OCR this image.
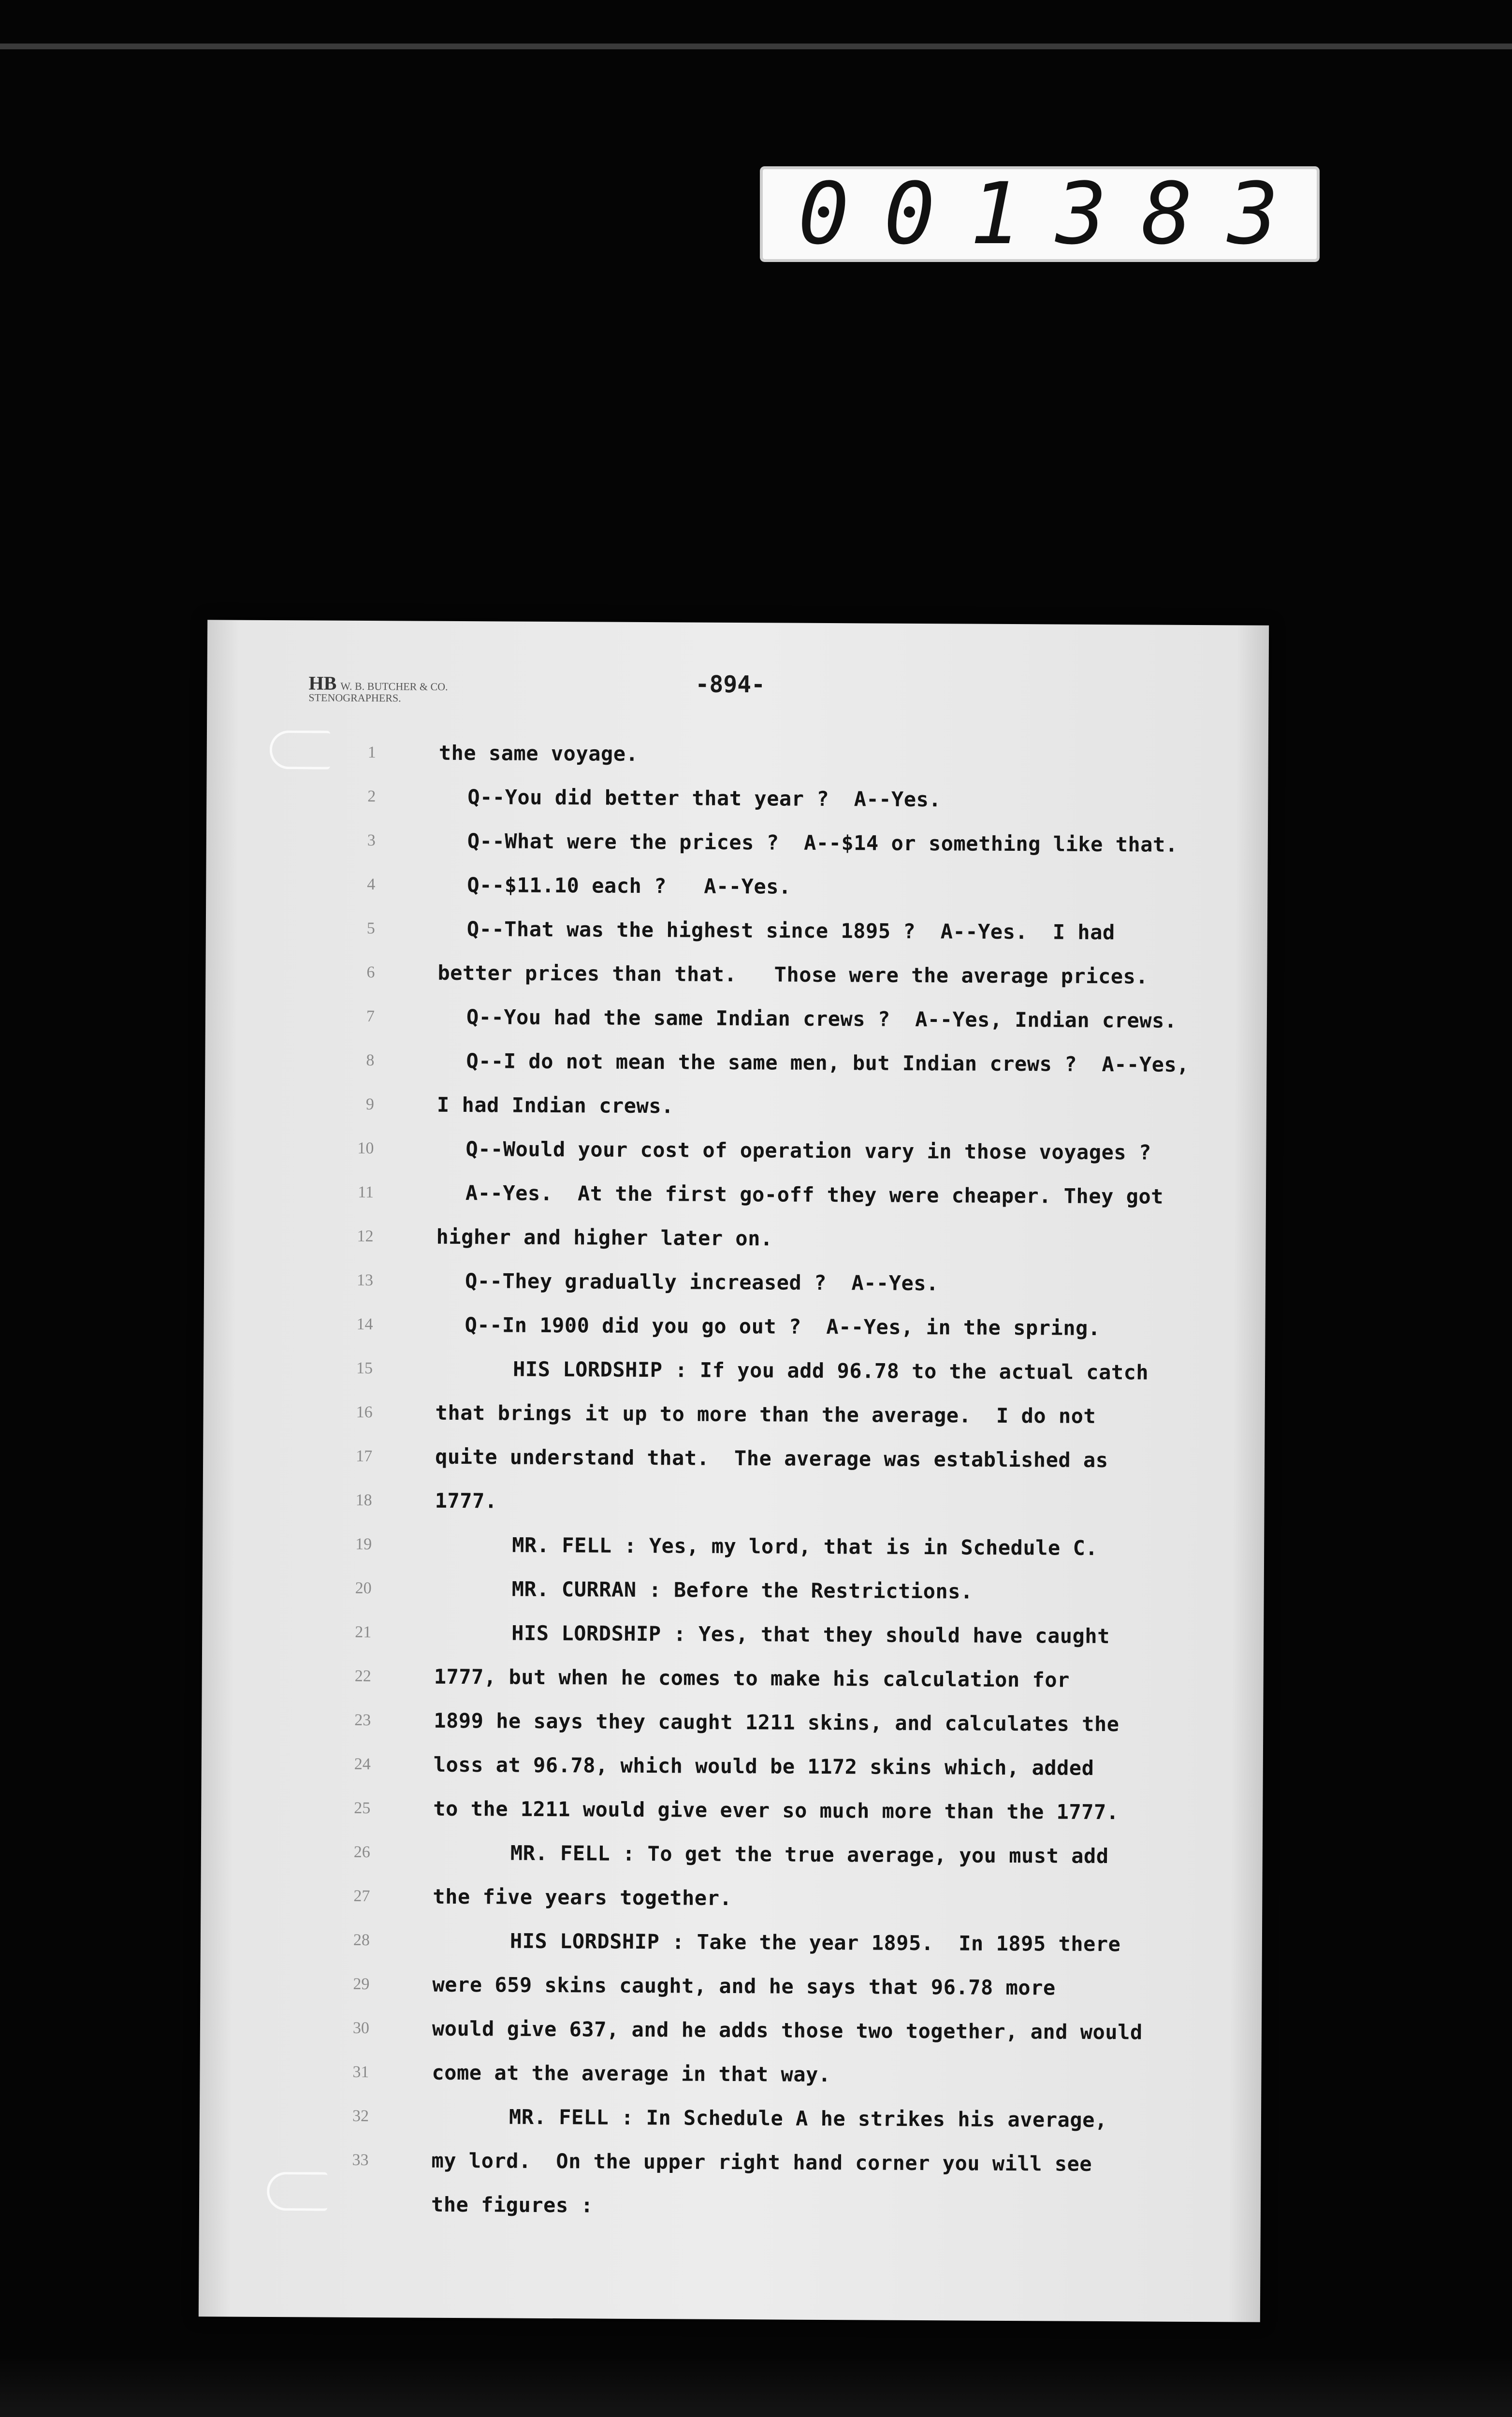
0 0 1 3 8 3
HB W. B. BUTCHER & CO. STENOGRAPHERS.	-894-
1	the same voyage.
2	Q--You did better that year ?  A--Yes.
3	Q--What were the prices ?  A--$14 or something like that.
4	Q--$11.10 each ?   A--Yes.
5	Q--That was the highest since 1895 ?  A--Yes.  I had
6	better prices than that.   Those were the average prices.
7	Q--You had the same Indian crews ?  A--Yes, Indian crews.
8	Q--I do not mean the same men, but Indian crews ?  A--Yes,
9	I had Indian crews.
10	Q--Would your cost of operation vary in those voyages ?
11	A--Yes.  At the first go-off they were cheaper. They got
12	higher and higher later on.
13	Q--They gradually increased ?  A--Yes.
14	Q--In 1900 did you go out ?  A--Yes, in the spring.
15	HIS LORDSHIP : If you add 96.78 to the actual catch
16	that brings it up to more than the average.  I do not
17	quite understand that.  The average was established as
18	1777.
19	MR. FELL : Yes, my lord, that is in Schedule C.
20	MR. CURRAN : Before the Restrictions.
21	HIS LORDSHIP : Yes, that they should have caught
22	1777, but when he comes to make his calculation for
23	1899 he says they caught 1211 skins, and calculates the
24	loss at 96.78, which would be 1172 skins which, added
25	to the 1211 would give ever so much more than the 1777.
26	MR. FELL : To get the true average, you must add
27	the five years together.
28	HIS LORDSHIP : Take the year 1895.  In 1895 there
29	were 659 skins caught, and he says that 96.78 more
30	would give 637, and he adds those two together, and would
31	come at the average in that way.
32	MR. FELL : In Schedule A he strikes his average,
33	my lord.  On the upper right hand corner you will see
the figures :
